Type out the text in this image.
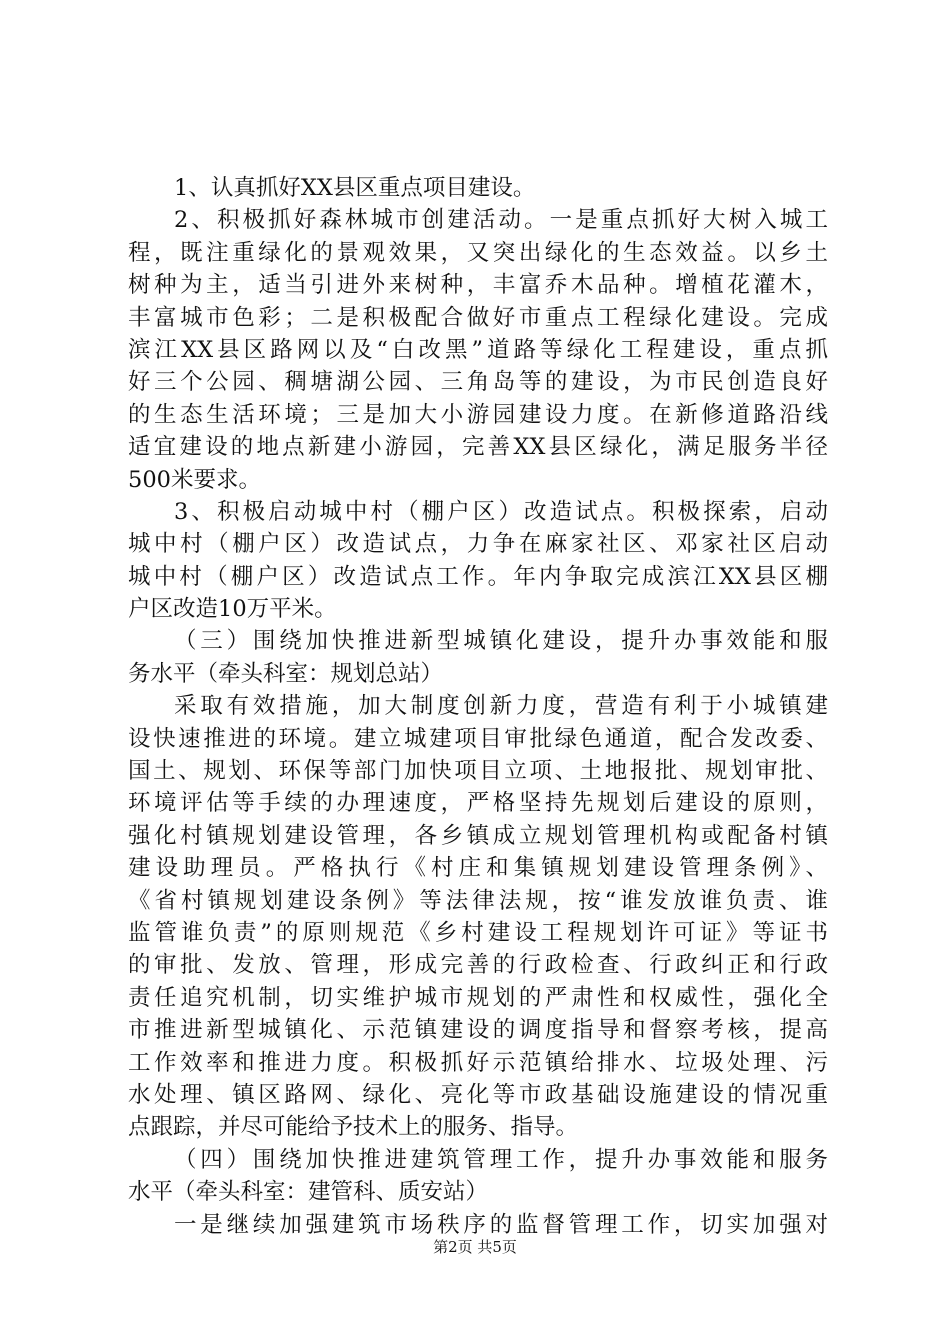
1、认真抓好XX县区重点项目建设。
2、积极抓好森林城市创建活动。一是重点抓好大树入城工
程，既注重绿化的景观效果，又突出绿化的生态效益。以乡土
树种为主，适当引进外来树种，丰富乔木品种。增植花灌木，
丰富城市色彩；二是积极配合做好市重点工程绿化建设。完成
滨江XX县区路网以及“白改黑”道路等绿化工程建设，重点抓
好三个公园、稠塘湖公园、三角岛等的建设，为市民创造良好
的生态生活环境；三是加大小游园建设力度。在新修道路沿线
适宜建设的地点新建小游园，完善XX县区绿化，满足服务半径
500米要求。
3、积极启动城中村（棚户区）改造试点。积极探索，启动
城中村（棚户区）改造试点，力争在麻家社区、邓家社区启动
城中村（棚户区）改造试点工作。年内争取完成滨江XX县区棚
户区改造10万平米。
（三）围绕加快推进新型城镇化建设，提升办事效能和服
务水平（牵头科室：规划总站）
采取有效措施，加大制度创新力度，营造有利于小城镇建
设快速推进的环境。建立城建项目审批绿色通道，配合发改委、
国土、规划、环保等部门加快项目立项、土地报批、规划审批、
环境评估等手续的办理速度，严格坚持先规划后建设的原则，
强化村镇规划建设管理，各乡镇成立规划管理机构或配备村镇
建设助理员。严格执行《村庄和集镇规划建设管理条例》、
《省村镇规划建设条例》等法律法规，按“谁发放谁负责、谁
监管谁负责”的原则规范《乡村建设工程规划许可证》等证书
的审批、发放、管理，形成完善的行政检查、行政纠正和行政
责任追究机制，切实维护城市规划的严肃性和权威性，强化全
市推进新型城镇化、示范镇建设的调度指导和督察考核，提高
工作效率和推进力度。积极抓好示范镇给排水、垃圾处理、污
水处理、镇区路网、绿化、亮化等市政基础设施建设的情况重
点跟踪，并尽可能给予技术上的服务、指导。
（四）围绕加快推进建筑管理工作，提升办事效能和服务
水平（牵头科室：建管科、质安站）
一是继续加强建筑市场秩序的监督管理工作，切实加强对
第2页 共5页
